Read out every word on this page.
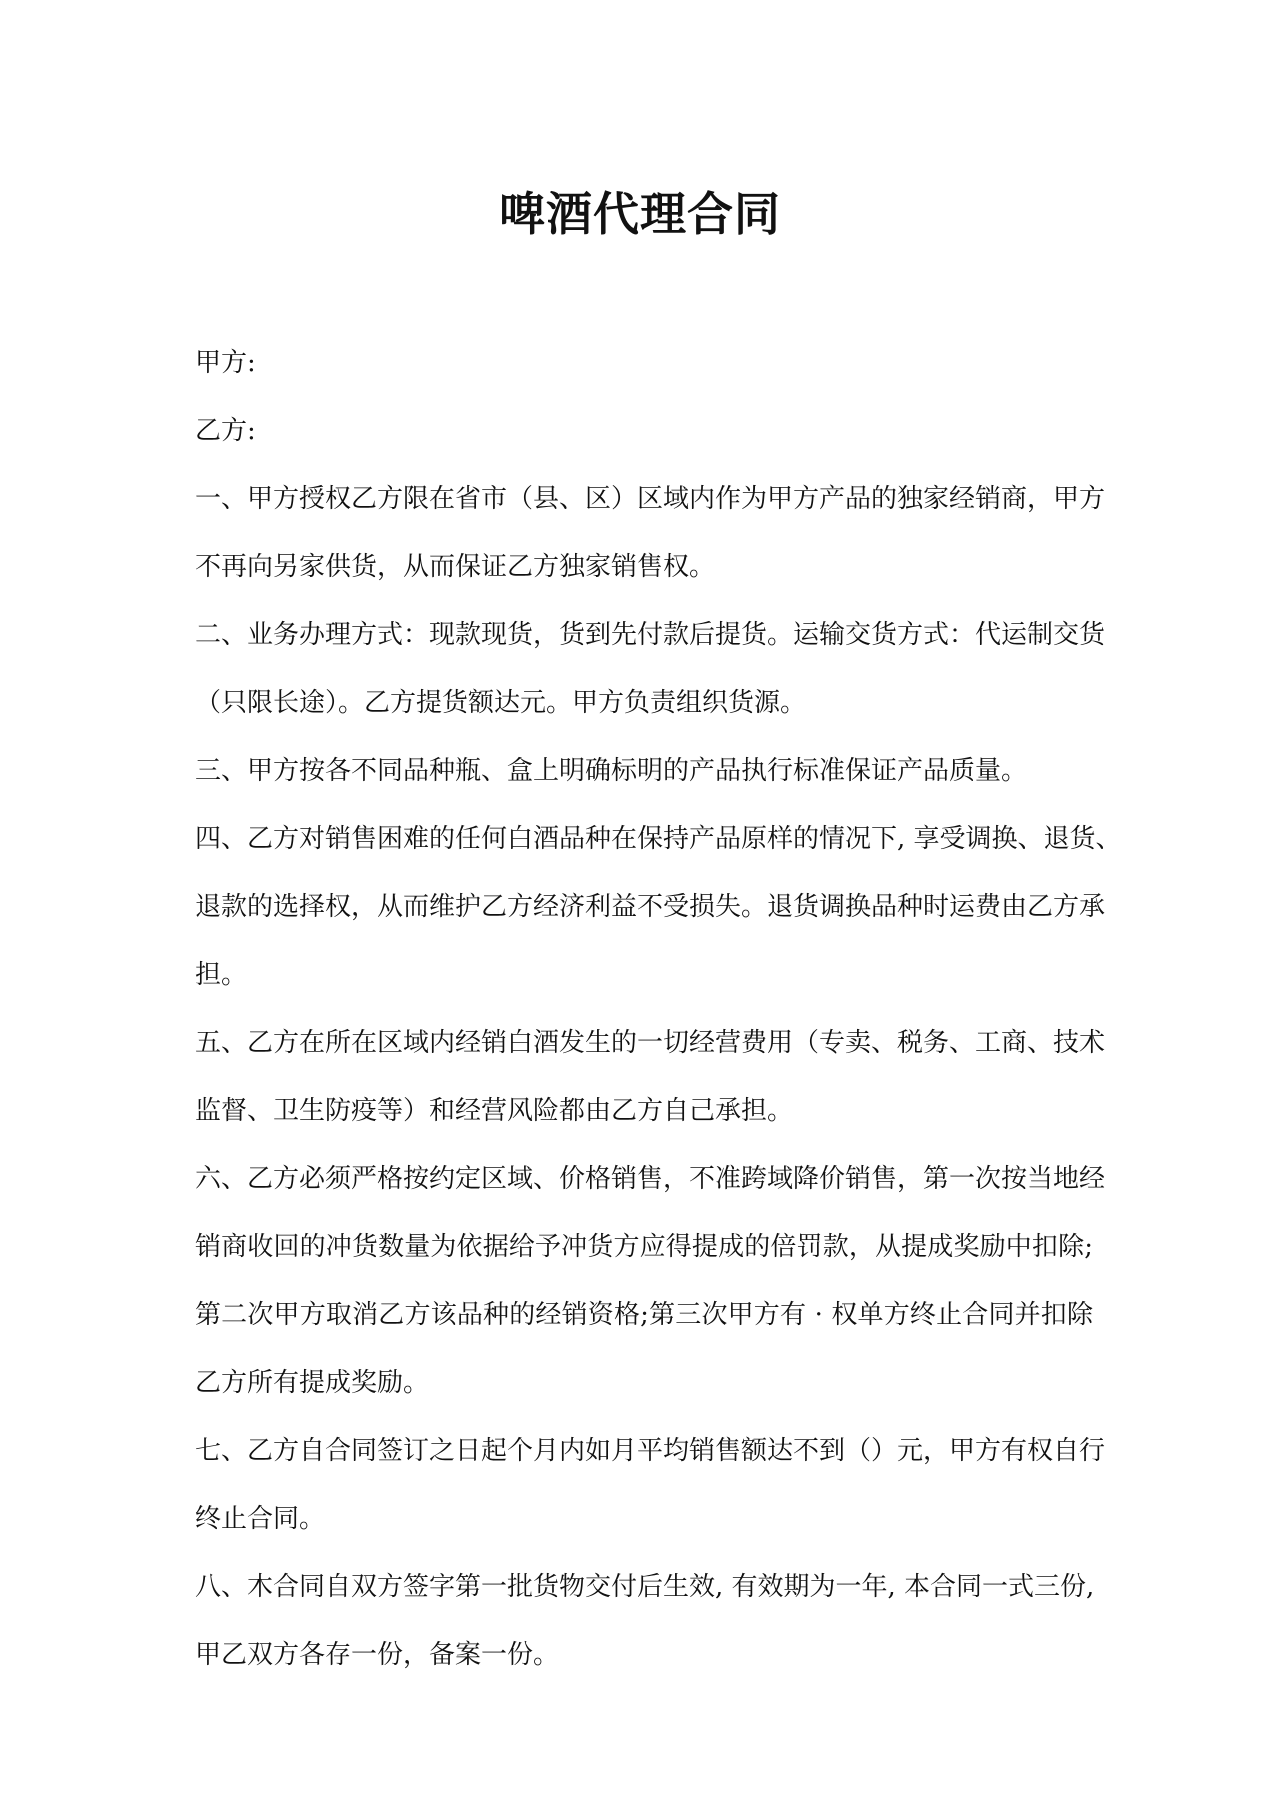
啤酒代理合同
甲方:
乙方:
一、甲方授权乙方限在省市（县、区）区域内作为甲方产品的独家经销商，甲方
不再向另家供货，从而保证乙方独家销售权。
二、业务办理方式：现款现货，货到先付款后提货。运输交货方式：代运制交货
（只限长途）。乙方提货额达元。甲方负责组织货源。
三、甲方按各不同品种瓶、盒上明确标明的产品执行标准保证产品质量。
四、乙方对销售困难的任何白酒品种在保持产品原样的情况下, 享受调换、退货、
退款的选择权，从而维护乙方经济利益不受损失。退货调换品种时运费由乙方承
担。
五、乙方在所在区域内经销白酒发生的一切经营费用（专卖、税务、工商、技术
监督、卫生防疫等）和经营风险都由乙方自己承担。
六、乙方必须严格按约定区域、价格销售，不准跨域降价销售，第一次按当地经
销商收回的冲货数量为依据给予冲货方应得提成的倍罚款，从提成奖励中扣除;
第二次甲方取消乙方该品种的经销资格;第三次甲方有 · 权单方终止合同并扣除
乙方所有提成奖励。
七、乙方自合同签订之日起个月内如月平均销售额达不到（）元，甲方有权自行
终止合同。
八、木合同自双方签字第一批货物交付后生效, 有效期为一年, 本合同一式三份,
甲乙双方各存一份，备案一份。
